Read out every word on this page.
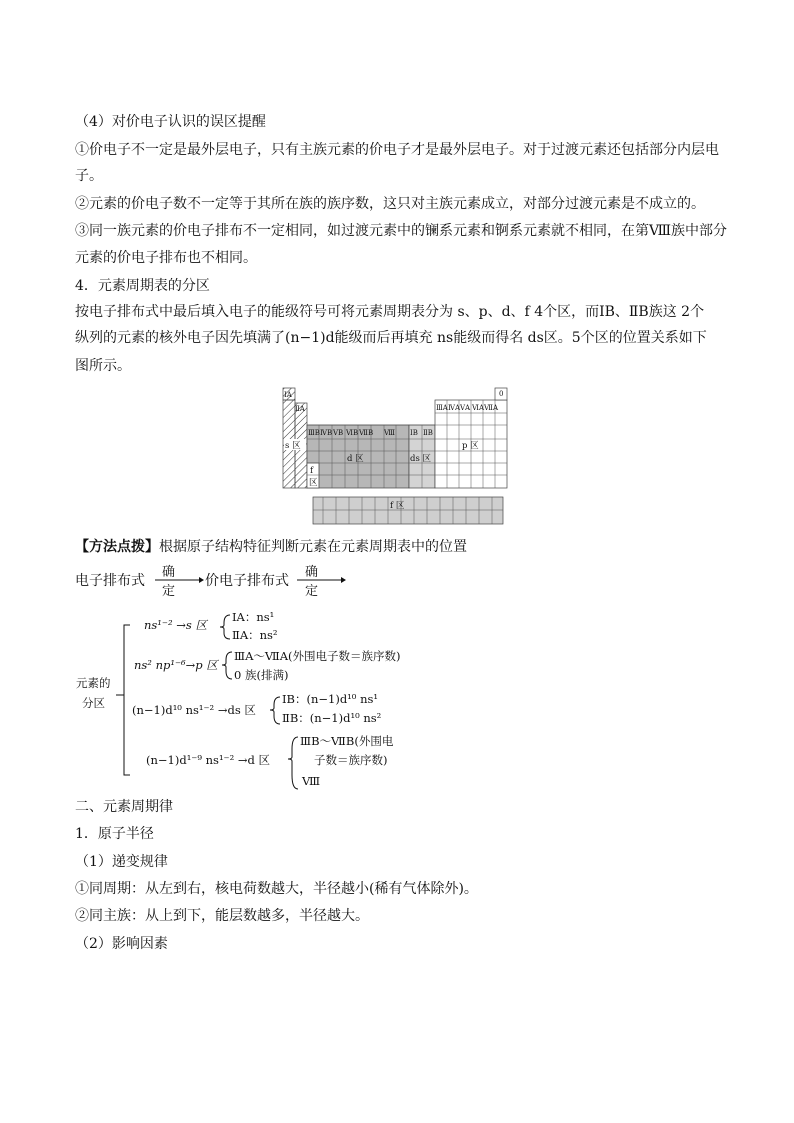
（4）对价电子认识的误区提醒
①价电子不一定是最外层电子，只有主族元素的价电子才是最外层电子。对于过渡元素还包括部分内层电
子。
②元素的价电子数不一定等于其所在族的族序数，这只对主族元素成立，对部分过渡元素是不成立的。
③同一族元素的价电子排布不一定相同，如过渡元素中的镧系元素和锕系元素就不相同，在第Ⅷ族中部分
元素的价电子排布也不相同。
4．元素周期表的分区
按电子排布式中最后填入电子的能级符号可将元素周期表分为 s、p、d、f 4个区，而ⅠB、ⅡB族这 2个
纵列的元素的核外电子因先填满了(n−1)d能级而后再填充 ns能级而得名 ds区。5个区的位置关系如下
图所示。
ⅠA
ⅡA
0
ⅢB ⅣB ⅤB ⅥB ⅦB Ⅷ ⅠB ⅡB
ⅢA ⅣA ⅤA ⅥA ⅦA
s 区
d 区	ds 区
p 区
f 区
f
区
【方法点拨】根据原子结构特征判断元素在元素周期表中的位置
电子排布式
确定
价电子排布式
确定
元素的
分区
ns¹⁻² →s 区
ⅠA：ns¹
ⅡA：ns²
ns² np¹⁻⁶→p 区
ⅢA～ⅦA(外围电子数＝族序数)
0 族(排满)
(n−1)d¹⁰ ns¹⁻² →ds 区
ⅠB：(n−1)d¹⁰ ns¹
ⅡB：(n−1)d¹⁰ ns²
(n−1)d¹⁻⁹ ns¹⁻² →d 区
ⅢB～ⅦB(外围电
子数＝族序数)
Ⅷ
二、元素周期律
1．原子半径
（1）递变规律
①同周期：从左到右，核电荷数越大，半径越小(稀有气体除外)。
②同主族：从上到下，能层数越多，半径越大。
（2）影响因素
